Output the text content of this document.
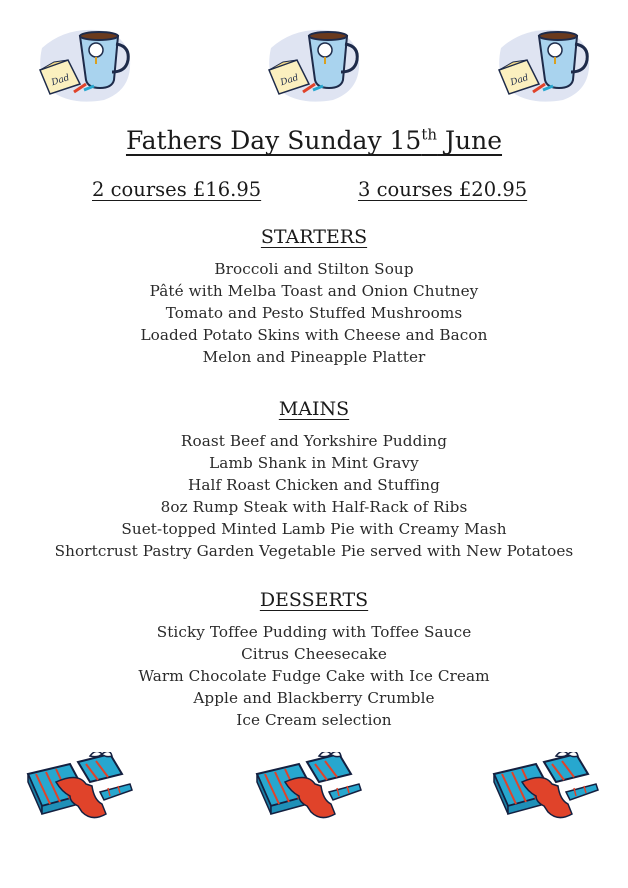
Dad	Dad	Dad
Fathers Day Sunday 15th June
2 courses £16.95	3 courses £20.95
STARTERS
Broccoli and Stilton Soup
Pâté with Melba Toast and Onion Chutney
Tomato and Pesto Stuffed Mushrooms
Loaded Potato Skins with Cheese and Bacon
Melon and Pineapple Platter
MAINS
Roast Beef and Yorkshire Pudding
Lamb Shank in Mint Gravy
Half Roast Chicken and Stuffing
8oz Rump Steak with Half-Rack of Ribs
Suet-topped Minted Lamb Pie with Creamy Mash
Shortcrust Pastry Garden Vegetable Pie served with New Potatoes
DESSERTS
Sticky Toffee Pudding with Toffee Sauce
Citrus Cheesecake
Warm Chocolate Fudge Cake with Ice Cream
Apple and Blackberry Crumble
Ice Cream selection
